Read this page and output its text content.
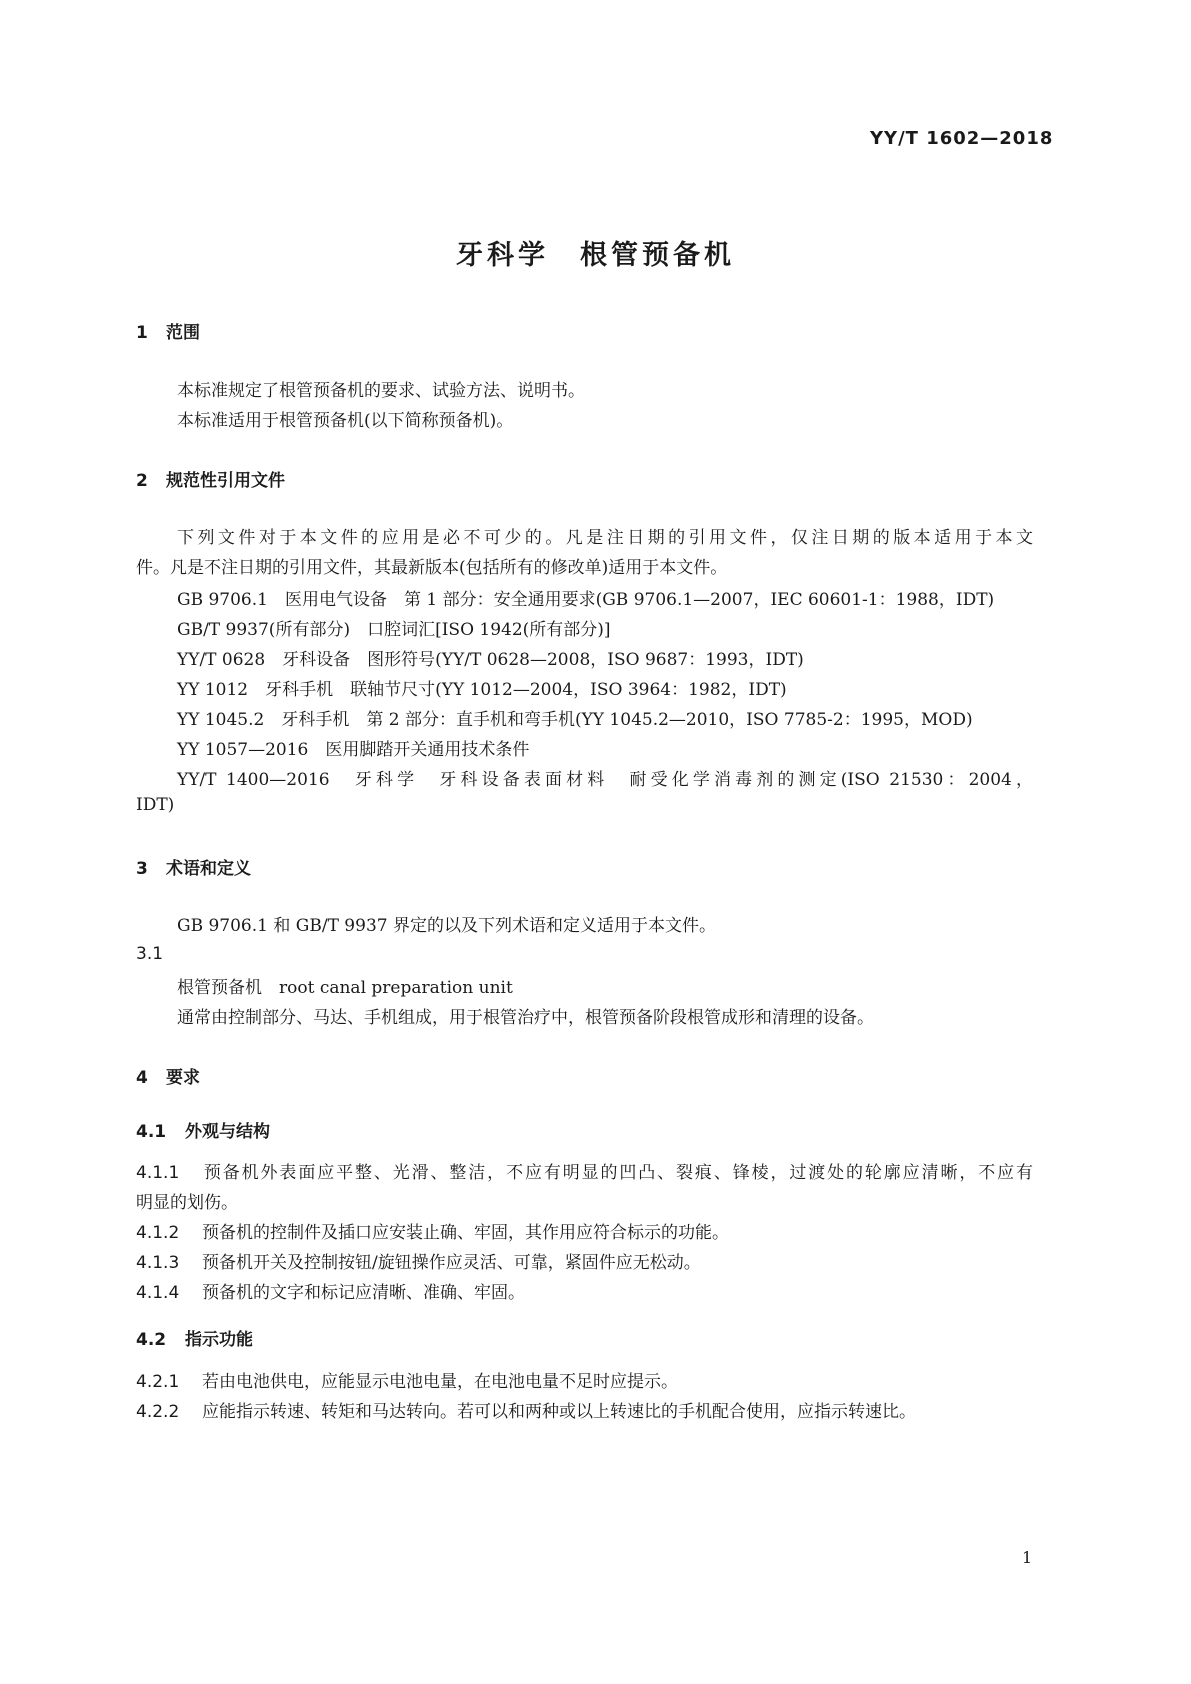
YY/T 1602—2018
牙科学　根管预备机
1 范围
本标准规定了根管预备机的要求、试验方法、说明书。
本标准适用于根管预备机(以下简称预备机)。
2 规范性引用文件
下列文件对于本文件的应用是必不可少的。凡是注日期的引用文件，仅注日期的版本适用于本文
件。凡是不注日期的引用文件，其最新版本(包括所有的修改单)适用于本文件。
GB 9706.1　医用电气设备　第 1 部分：安全通用要求(GB 9706.1—2007，IEC 60601-1：1988，IDT)
GB/T 9937(所有部分)　口腔词汇[ISO 1942(所有部分)]
YY/T 0628　牙科设备　图形符号(YY/T 0628—2008，ISO 9687：1993，IDT)
YY 1012　牙科手机　联轴节尺寸(YY 1012—2004，ISO 3964：1982，IDT)
YY 1045.2　牙科手机　第 2 部分：直手机和弯手机(YY 1045.2—2010，ISO 7785-2：1995，MOD)
YY 1057—2016　医用脚踏开关通用技术条件
YY/T 1400—2016　牙科学　牙科设备表面材料　耐受化学消毒剂的测定(ISO 21530：2004，
IDT)
3 术语和定义
GB 9706.1 和 GB/T 9937 界定的以及下列术语和定义适用于本文件。
3.1
根管预备机　root canal preparation unit
通常由控制部分、马达、手机组成，用于根管治疗中，根管预备阶段根管成形和清理的设备。
4 要求
4.1 外观与结构
4.1.1 预备机外表面应平整、光滑、整洁，不应有明显的凹凸、裂痕、锋棱，过渡处的轮廓应清晰，不应有
明显的划伤。
4.1.2 预备机的控制件及插口应安装止确、牢固，其作用应符合标示的功能。
4.1.3 预备机开关及控制按钮/旋钮操作应灵活、可靠，紧固件应无松动。
4.1.4 预备机的文字和标记应清晰、准确、牢固。
4.2 指示功能
4.2.1 若由电池供电，应能显示电池电量，在电池电量不足时应提示。
4.2.2 应能指示转速、转矩和马达转向。若可以和两种或以上转速比的手机配合使用，应指示转速比。
1
